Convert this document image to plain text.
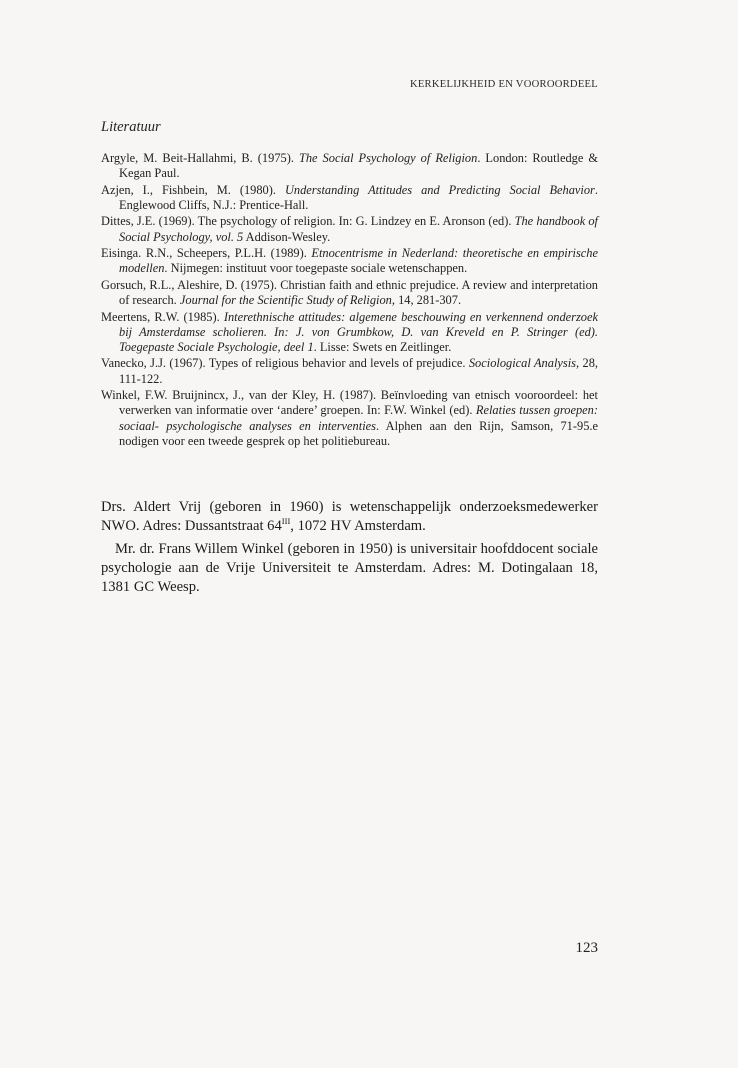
KERKELIJKHEID EN VOOROORDEEL
Literatuur

Argyle, M. Beit-Hallahmi, B. (1975). The Social Psychology of Religion. London: Routledge & Kegan Paul.

Azjen, I., Fishbein, M. (1980). Understanding Attitudes and Predicting Social Behavior. Englewood Cliffs, N.J.: Prentice-Hall.

Dittes, J.E. (1969). The psychology of religion. In: G. Lindzey en E. Aronson (ed). The handbook of Social Psychology, vol. 5 Addison-Wesley.

Eisinga. R.N., Scheepers, P.L.H. (1989). Etnocentrisme in Nederland: theoretische en empirische modellen. Nijmegen: instituut voor toegepaste sociale wetenschappen.

Gorsuch, R.L., Aleshire, D. (1975). Christian faith and ethnic prejudice. A review and interpretation of research. Journal for the Scientific Study of Religion, 14, 281-307.

Meertens, R.W. (1985). Interethnische attitudes: algemene beschouwing en verkennend onderzoek bij Amsterdamse scholieren. In: J. von Grumbkow, D. van Kreveld en P. Stringer (ed). Toegepaste Sociale Psychologie, deel 1. Lisse: Swets en Zeitlinger.

Vanecko, J.J. (1967). Types of religious behavior and levels of prejudice. Sociological Analysis, 28, 111-122.

Winkel, F.W. Bruijnincx, J., van der Kley, H. (1987). Beïnvloeding van etnisch vooroordeel: het verwerken van informatie over ‘andere’ groepen. In: F.W. Winkel (ed). Relaties tussen groepen: sociaal- psychologische analyses en interventies. Alphen aan den Rijn, Samson, 71-95.e nodigen voor een tweede gesprek op het politiebureau.

Drs. Aldert Vrij (geboren in 1960) is wetenschappelijk onderzoeksmedewerker NWO. Adres: Dussantstraat $64^{III}$, 1072 HV Amsterdam.

Mr. dr. Frans Willem Winkel (geboren in 1950) is universitair hoofddocent sociale psychologie aan de Vrije Universiteit te Amsterdam. Adres: M. Dotingalaan 18, 1381 GC Weesp.

123
